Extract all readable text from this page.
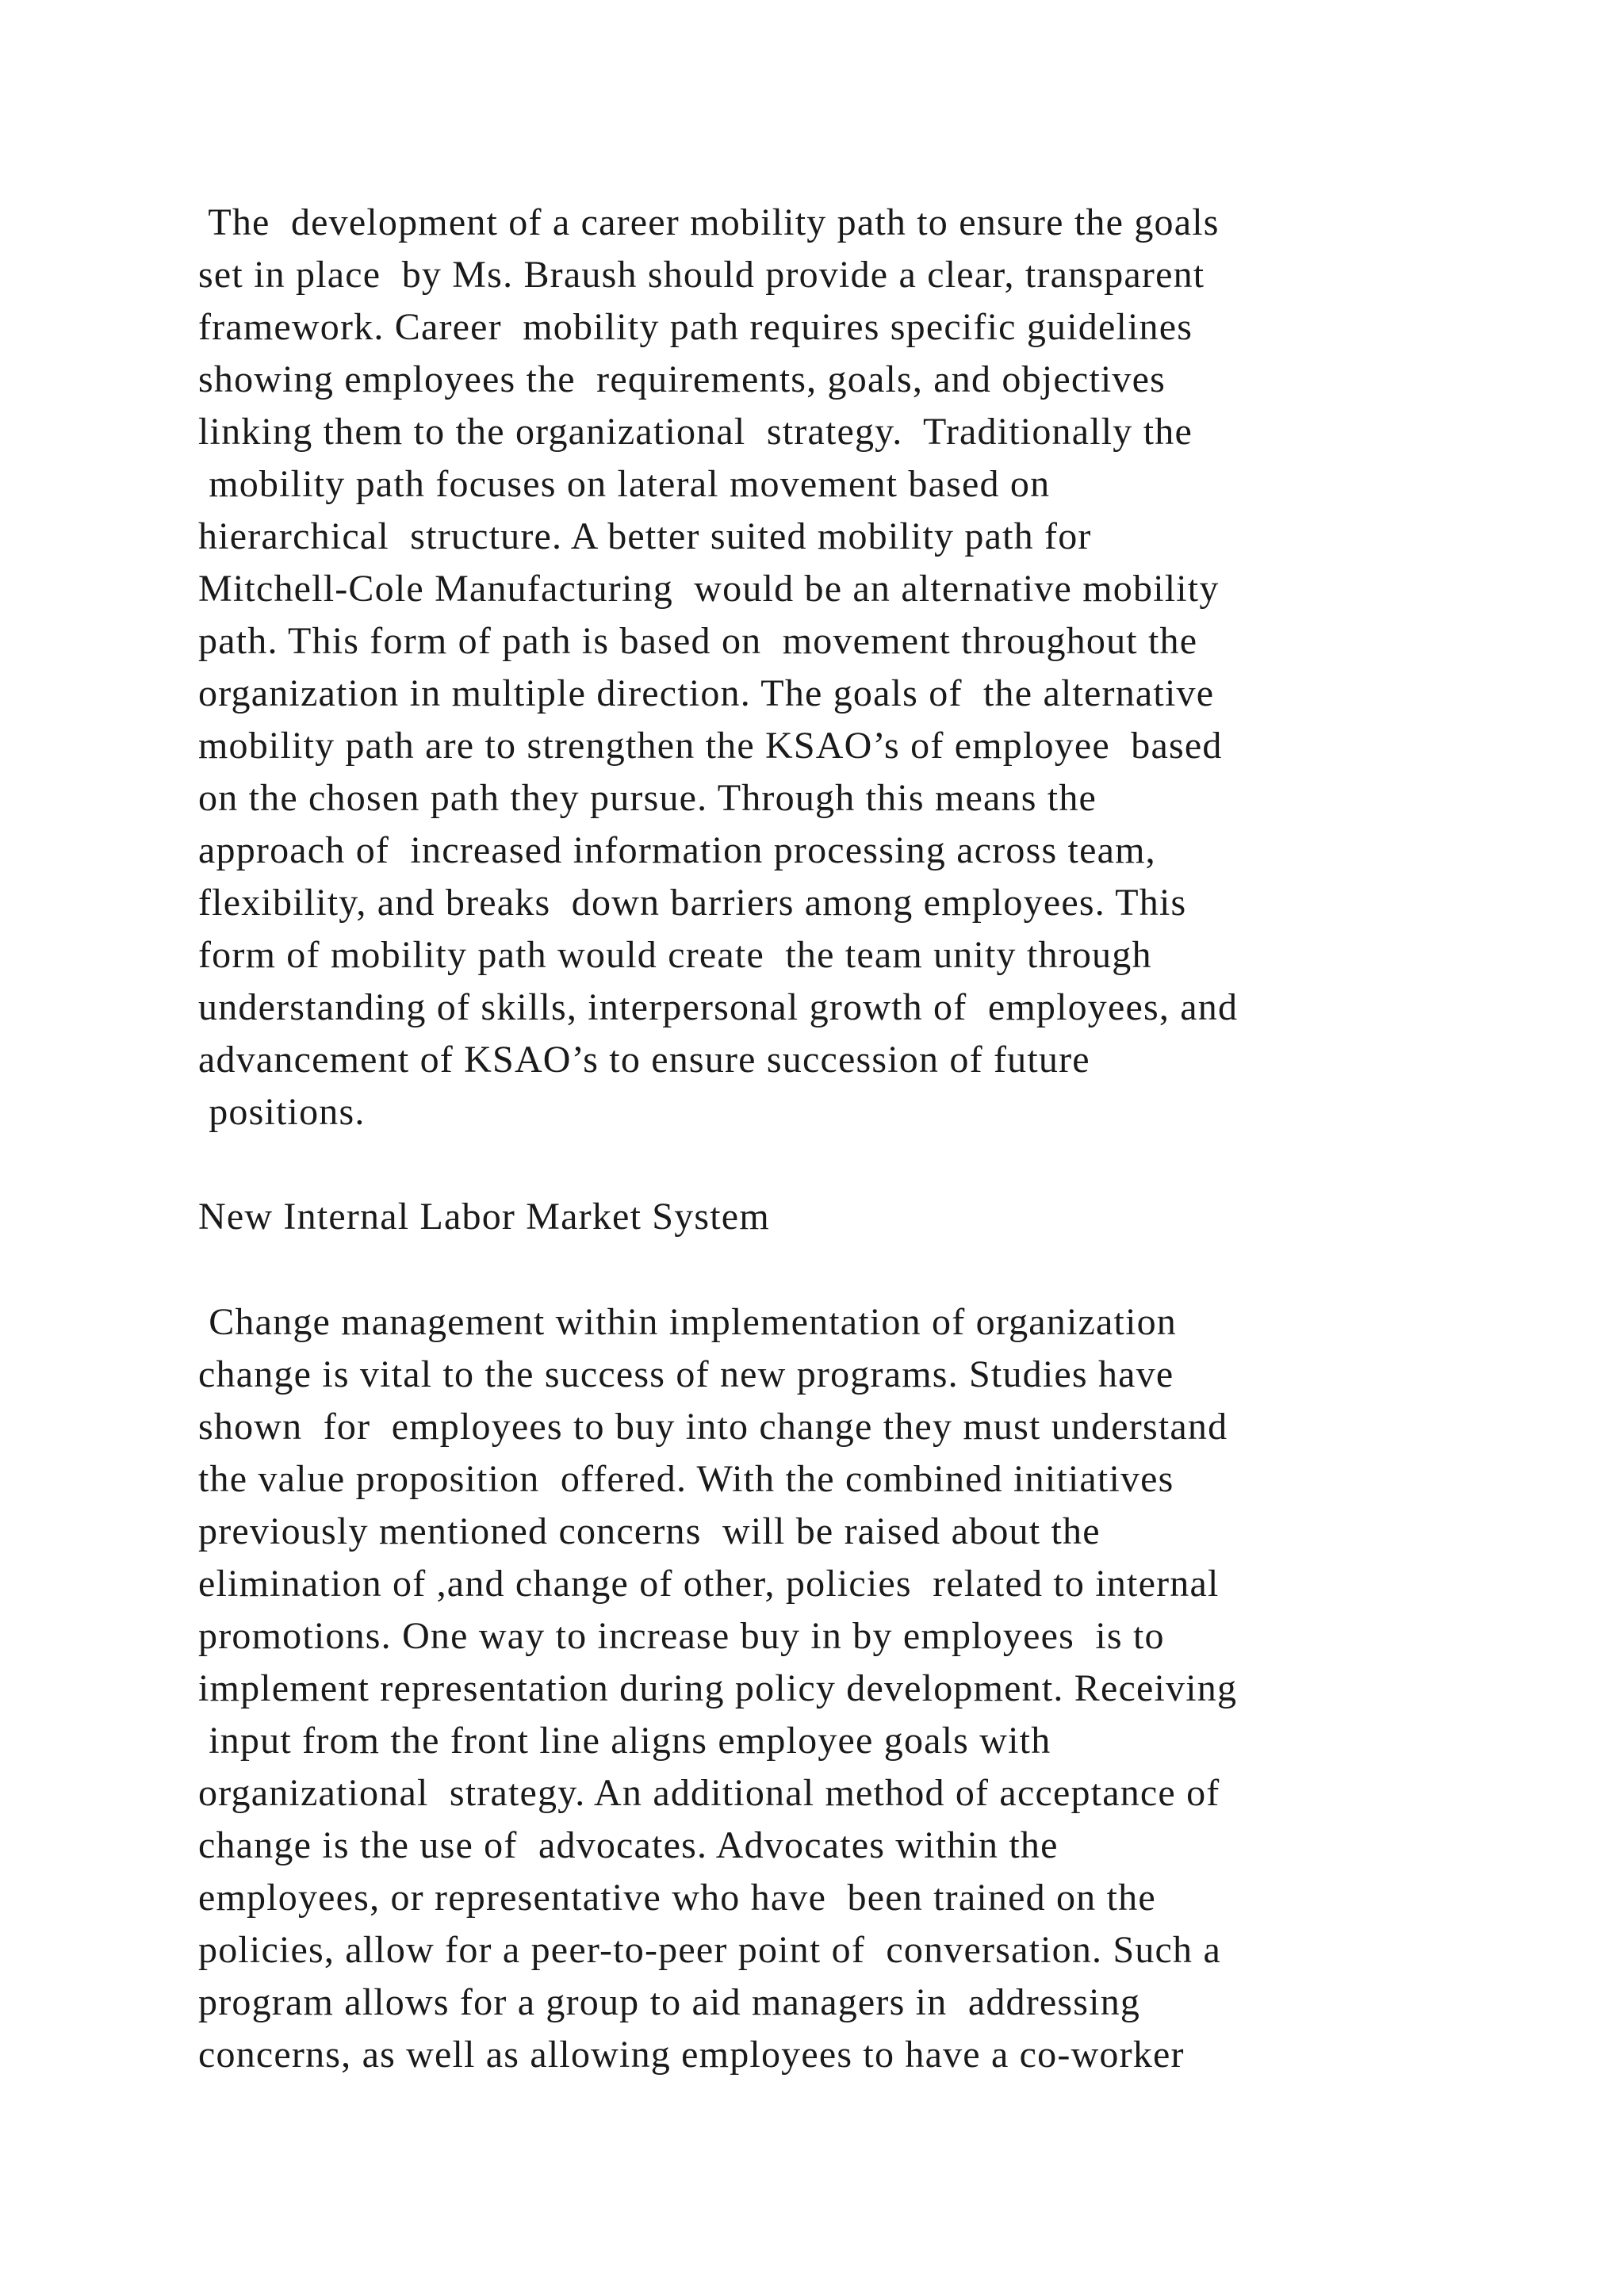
The  development of a career mobility path to ensure the goals
set in place  by Ms. Braush should provide a clear, transparent
framework. Career  mobility path requires specific guidelines
showing employees the  requirements, goals, and objectives
linking them to the organizational  strategy.  Traditionally the
mobility path focuses on lateral movement based on
hierarchical  structure. A better suited mobility path for
Mitchell-Cole Manufacturing  would be an alternative mobility
path. This form of path is based on  movement throughout the
organization in multiple direction. The goals of  the alternative
mobility path are to strengthen the KSAO’s of employee  based
on the chosen path they pursue. Through this means the
approach of  increased information processing across team,
flexibility, and breaks  down barriers among employees. This
form of mobility path would create  the team unity through
understanding of skills, interpersonal growth of  employees, and
advancement of KSAO’s to ensure succession of future
positions.
New Internal Labor Market System
Change management within implementation of organization
change is vital to the success of new programs. Studies have
shown  for  employees to buy into change they must understand
the value proposition  offered. With the combined initiatives
previously mentioned concerns  will be raised about the
elimination of ,and change of other, policies  related to internal
promotions. One way to increase buy in by employees  is to
implement representation during policy development. Receiving
input from the front line aligns employee goals with
organizational  strategy. An additional method of acceptance of
change is the use of  advocates. Advocates within the
employees, or representative who have  been trained on the
policies, allow for a peer-to-peer point of  conversation. Such a
program allows for a group to aid managers in  addressing
concerns, as well as allowing employees to have a co-worker
